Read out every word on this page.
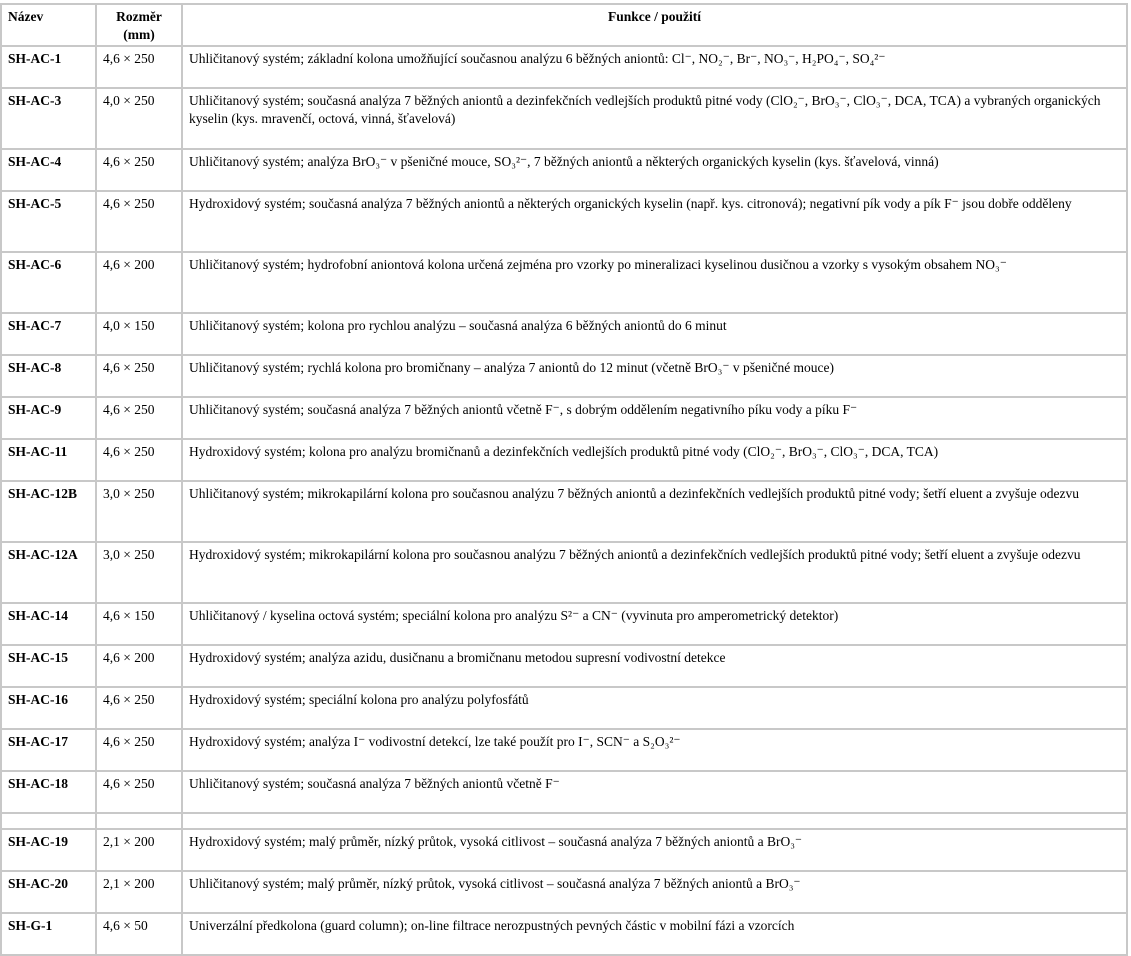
Název	Rozměr (mm)	Funkce / použití
SH-AC-1	4,6 × 250	Uhličitanový systém; základní kolona umožňující současnou analýzu 6 běžných aniontů: Cl⁻, NO₂⁻, Br⁻, NO₃⁻, H₂PO₄⁻, SO₄²⁻
SH-AC-3	4,0 × 250	Uhličitanový systém; současná analýza 7 běžných aniontů a dezinfekčních vedlejších produktů pitné vody (ClO₂⁻, BrO₃⁻, ClO₃⁻, DCA, TCA) a vybraných organických kyselin (kys. mravenčí, octová, vinná, šťavelová)
SH-AC-4	4,6 × 250	Uhličitanový systém; analýza BrO₃⁻ v pšeničné mouce, SO₃²⁻, 7 běžných aniontů a některých organických kyselin (kys. šťavelová, vinná)
SH-AC-5	4,6 × 250	Hydroxidový systém; současná analýza 7 běžných aniontů a některých organických kyselin (např. kys. citronová); negativní pík vody a pík F⁻ jsou dobře odděleny
SH-AC-6	4,6 × 200	Uhličitanový systém; hydrofobní aniontová kolona určená zejména pro vzorky po mineralizaci kyselinou dusičnou a vzorky s vysokým obsahem NO₃⁻
SH-AC-7	4,0 × 150	Uhličitanový systém; kolona pro rychlou analýzu – současná analýza 6 běžných aniontů do 6 minut
SH-AC-8	4,6 × 250	Uhličitanový systém; rychlá kolona pro bromičnany – analýza 7 aniontů do 12 minut (včetně BrO₃⁻ v pšeničné mouce)
SH-AC-9	4,6 × 250	Uhličitanový systém; současná analýza 7 běžných aniontů včetně F⁻, s dobrým oddělením negativního píku vody a píku F⁻
SH-AC-11	4,6 × 250	Hydroxidový systém; kolona pro analýzu bromičnanů a dezinfekčních vedlejších produktů pitné vody (ClO₂⁻, BrO₃⁻, ClO₃⁻, DCA, TCA)
SH-AC-12B	3,0 × 250	Uhličitanový systém; mikrokapilární kolona pro současnou analýzu 7 běžných aniontů a dezinfekčních vedlejších produktů pitné vody; šetří eluent a zvyšuje odezvu
SH-AC-12A	3,0 × 250	Hydroxidový systém; mikrokapilární kolona pro současnou analýzu 7 běžných aniontů a dezinfekčních vedlejších produktů pitné vody; šetří eluent a zvyšuje odezvu
SH-AC-14	4,6 × 150	Uhličitanový / kyselina octová systém; speciální kolona pro analýzu S²⁻ a CN⁻ (vyvinuta pro amperometrický detektor)
SH-AC-15	4,6 × 200	Hydroxidový systém; analýza azidu, dusičnanu a bromičnanu metodou supresní vodivostní detekce
SH-AC-16	4,6 × 250	Hydroxidový systém; speciální kolona pro analýzu polyfosfátů
SH-AC-17	4,6 × 250	Hydroxidový systém; analýza I⁻ vodivostní detekcí, lze také použít pro I⁻, SCN⁻ a S₂O₃²⁻
SH-AC-18	4,6 × 250	Uhličitanový systém; současná analýza 7 běžných aniontů včetně F⁻

SH-AC-19	2,1 × 200	Hydroxidový systém; malý průměr, nízký průtok, vysoká citlivost – současná analýza 7 běžných aniontů a BrO₃⁻
SH-AC-20	2,1 × 200	Uhličitanový systém; malý průměr, nízký průtok, vysoká citlivost – současná analýza 7 běžných aniontů a BrO₃⁻
SH-G-1	4,6 × 50	Univerzální předkolona (guard column); on-line filtrace nerozpustných pevných částic v mobilní fázi a vzorcích
